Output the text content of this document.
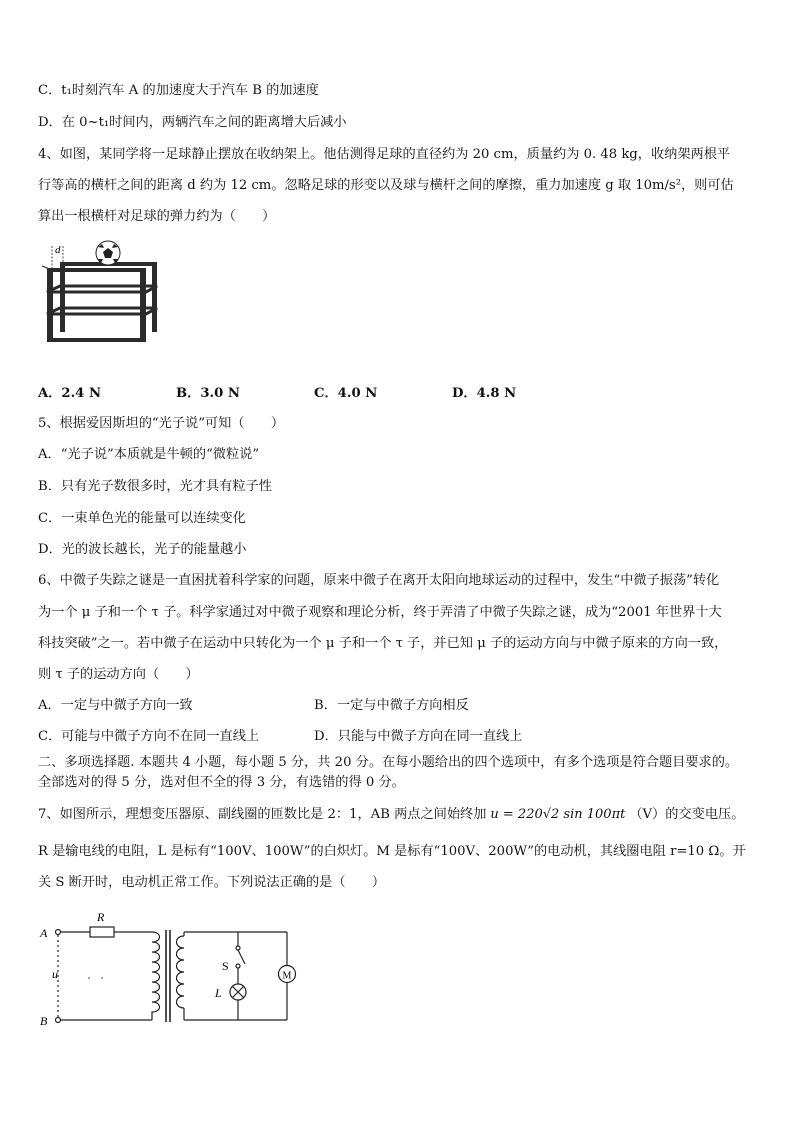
C．t₁时刻汽车 A 的加速度大于汽车 B 的加速度
D．在 0~t₁时间内，两辆汽车之间的距离增大后减小
4、如图，某同学将一足球静止摆放在收纳架上。他估测得足球的直径约为 20 cm，质量约为 0. 48 kg，收纳架两根平
行等高的横杆之间的距离 d 约为 12 cm。忽略足球的形变以及球与横杆之间的摩擦，重力加速度 g 取 10m/s²，则可估
算出一根横杆对足球的弹力约为（　　）
d
A．2.4 N	B．3.0 N	C．4.0 N	D．4.8 N
5、根据爱因斯坦的“光子说”可知（　　）
A．“光子说”本质就是牛顿的“微粒说”
B．只有光子数很多时，光才具有粒子性
C．一束单色光的能量可以连续变化
D．光的波长越长，光子的能量越小
6、中微子失踪之谜是一直困扰着科学家的问题，原来中微子在离开太阳向地球运动的过程中，发生“中微子振荡”转化
为一个 μ 子和一个 τ 子。科学家通过对中微子观察和理论分析，终于弄清了中微子失踪之谜，成为“2001 年世界十大
科技突破”之一。若中微子在运动中只转化为一个 μ 子和一个 τ 子，并已知 μ 子的运动方向与中微子原来的方向一致，
则 τ 子的运动方向（　　）
A．一定与中微子方向一致	B．一定与中微子方向相反
C．可能与中微子方向不在同一直线上	D．只能与中微子方向在同一直线上
二、多项选择题. 本题共 4 小题，每小题 5 分，共 20 分。在每小题给出的四个选项中，有多个选项是符合题目要求的。
全部选对的得 5 分，选对但不全的得 3 分，有选错的得 0 分。
7、如图所示，理想变压器原、副线圈的匝数比是 2：1，AB 两点之间始终加 u = 220√2 sin 100πt （V）的交变电压。
R 是输电线的电阻，L 是标有“100V、100W”的白炽灯。M 是标有“100V、200W”的电动机，其线圈电阻 r=10 Ω。开
关 S 断开时，电动机正常工作。下列说法正确的是（　　）
A
B
R
u
S
L
M
